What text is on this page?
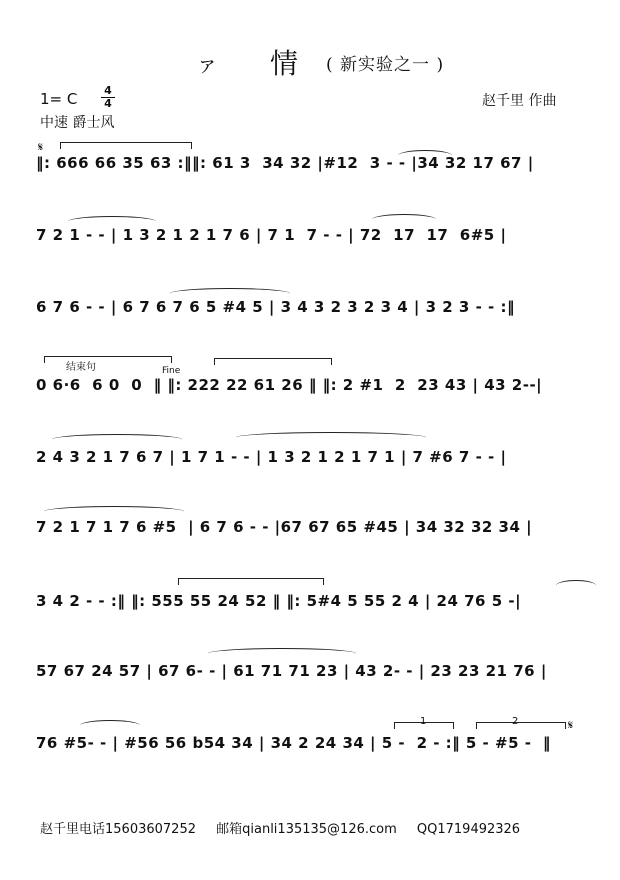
ァ 情 ( 新实验之一 )
1= C 4
4
中速 爵士风
赵千里 作曲
𝄋
‖: 666 66 35 63 :‖‖: 61 3  34 32 |#12  3 - - |34 32 17 67 |
7 2 1 - - | 1 3 2 1 2 1 7 6 | 7 1  7 - - | 72  17  17  6#5 |
6 7 6 - - | 6 7 6 7 6 5 #4 5 | 3 4 3 2 3 2 3 4 | 3 2 3 - - :‖
结束句	Fine
0 6·6  6 0  0  ‖ ‖: 222 22 61 26 ‖ ‖: 2 #1  2  23 43 | 43 2--|
2 4 3 2 1 7 6 7 | 1 7 1 - - | 1 3 2 1 2 1 7 1 | 7 #6 7 - - |
7 2 1 7 1 7 6 #5  | 6 7 6 - - |67 67 65 #45 | 34 32 32 34 |
3 4 2 - - :‖ ‖: 555 55 24 52 ‖ ‖: 5#4 5 55 2 4 | 24 76 5 -|
57 67 24 57 | 67 6- - | 61 71 71 23 | 43 2- - | 23 23 21 76 |
1	2	𝄋
76 #5- - | #56 56 b54 34 | 34 2 24 34 | 5 -  2 - :‖ 5 - #5 -  ‖
赵千里电话15603607252 邮箱qianli135135@126.com QQ1719492326
